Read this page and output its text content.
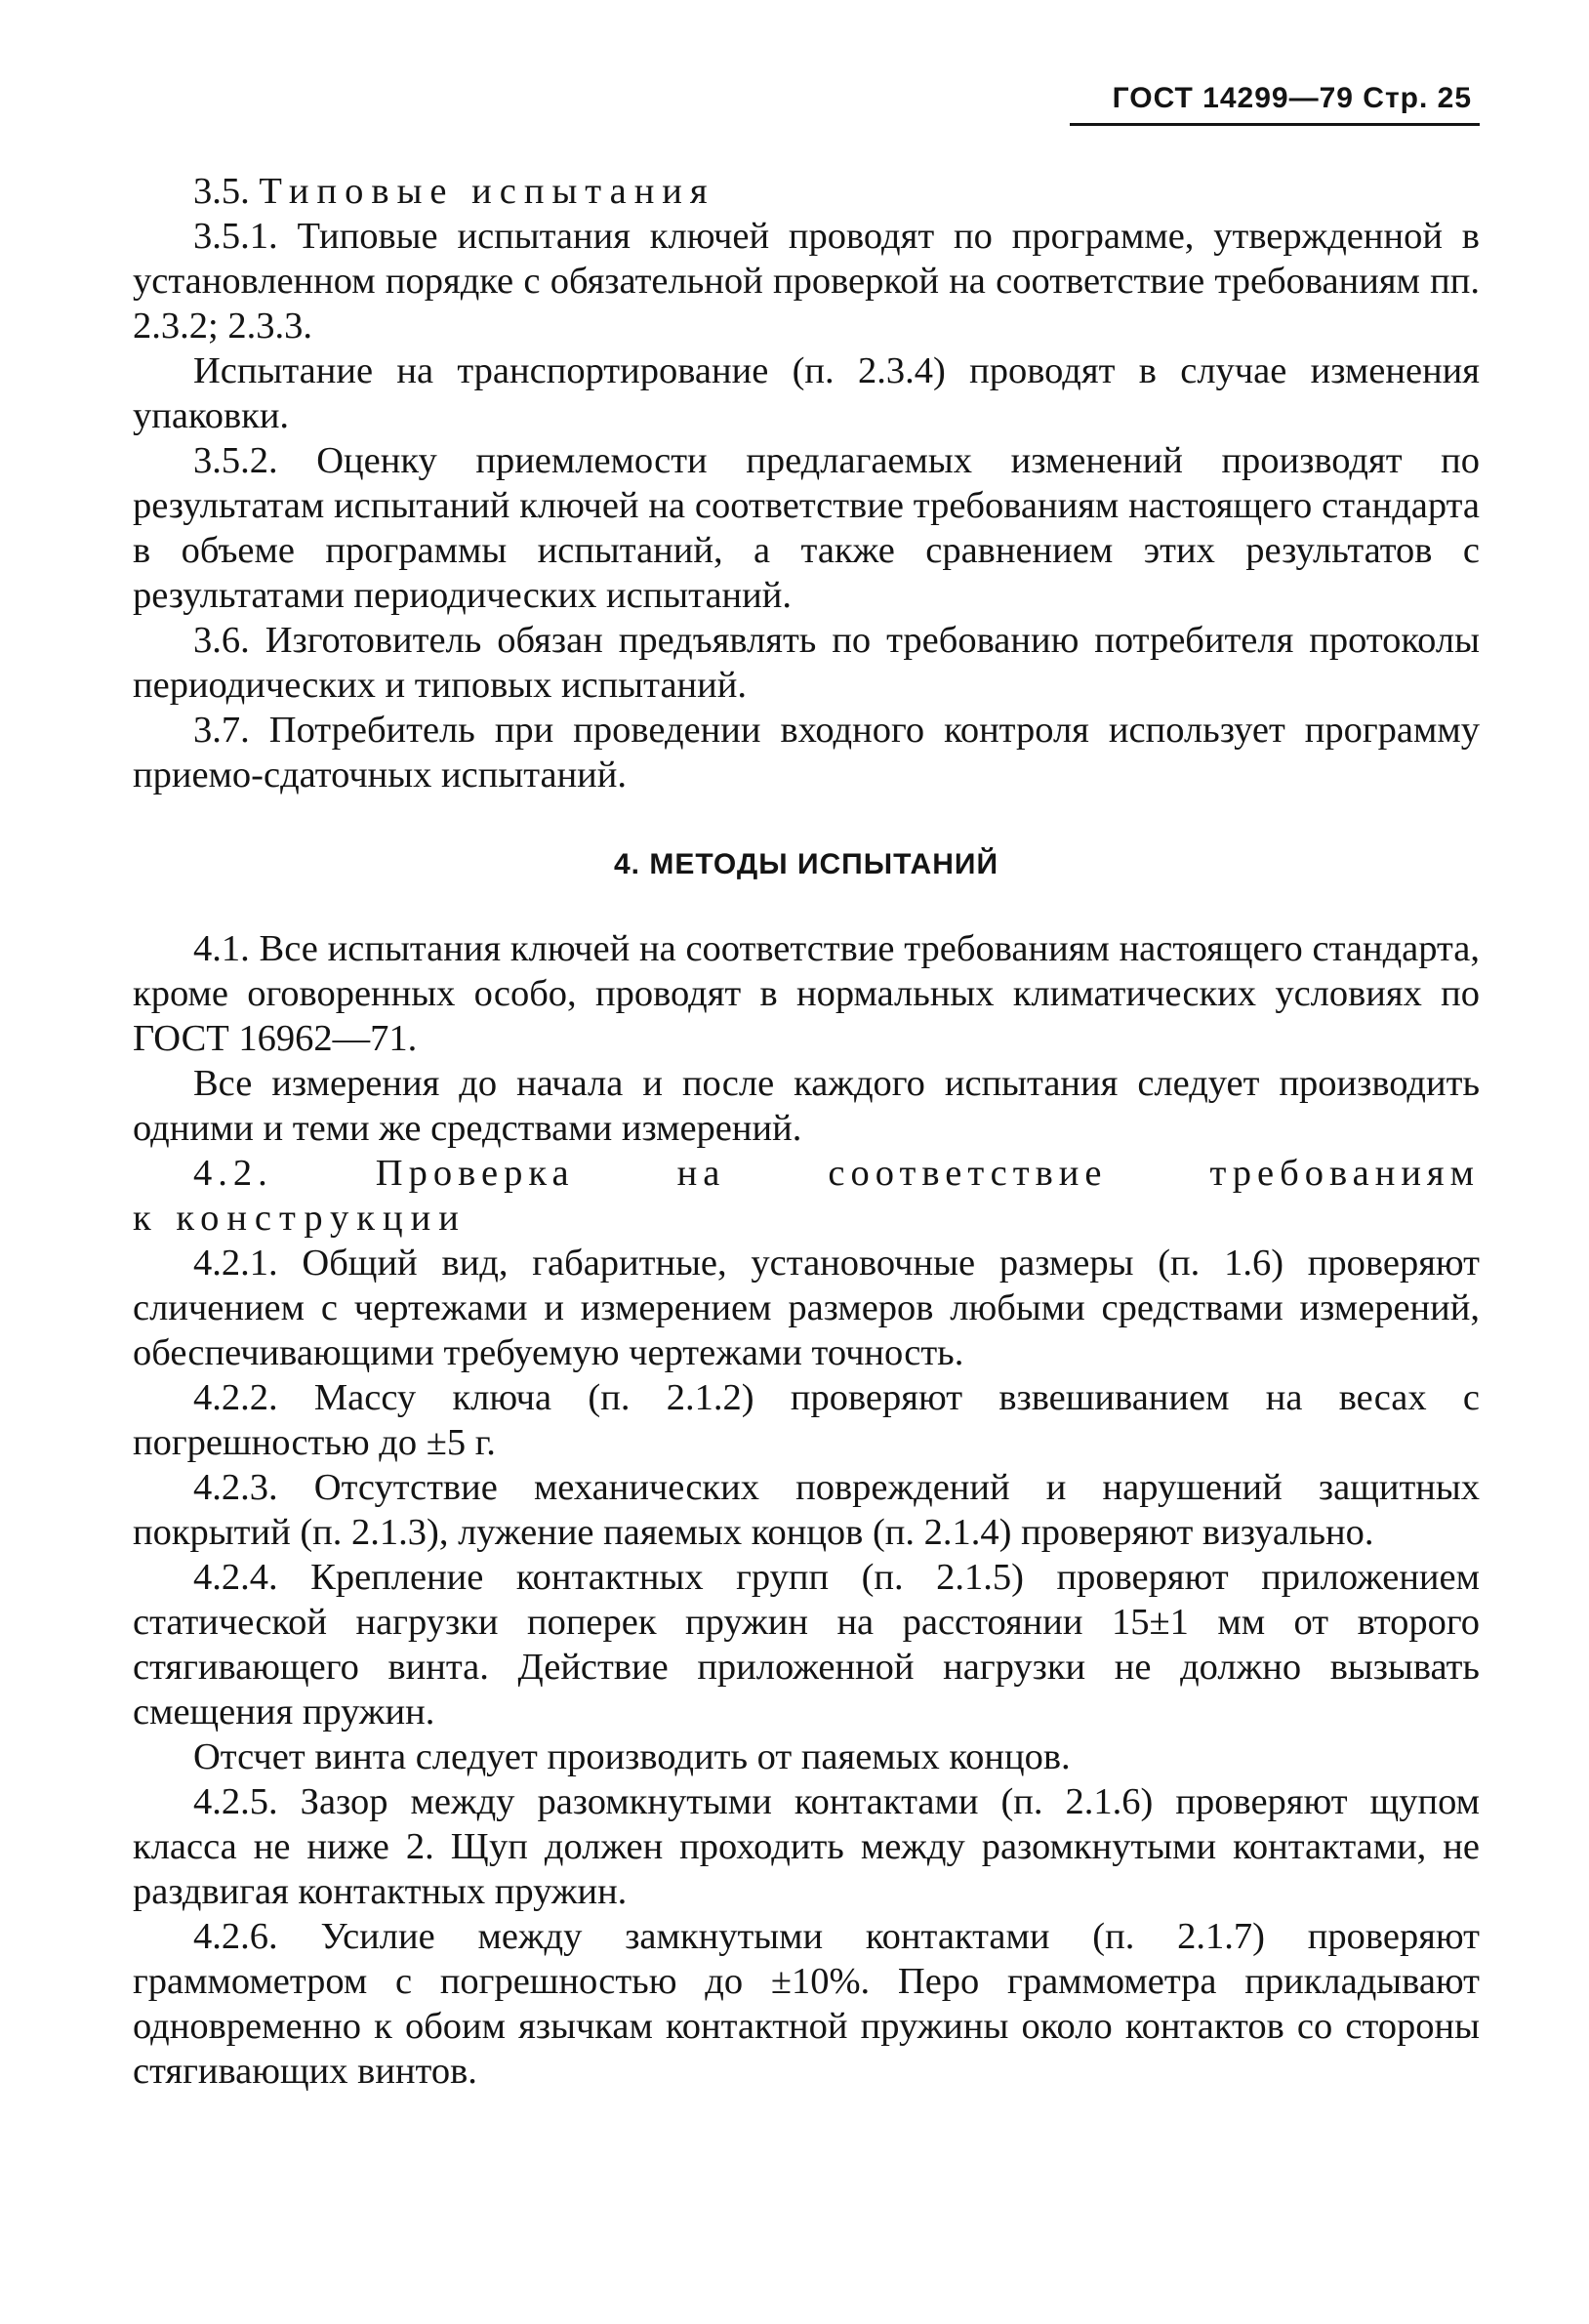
ГОСТ 14299—79 Стр. 25

3.5. Типовые испытания

3.5.1. Типовые испытания ключей проводят по программе, утвержденной в установленном порядке с обязательной проверкой на соответствие требованиям пп. 2.3.2; 2.3.3.

Испытание на транспортирование (п. 2.3.4) проводят в случае изменения упаковки.

3.5.2. Оценку приемлемости предлагаемых изменений производят по результатам испытаний ключей на соответствие требованиям настоящего стандарта в объеме программы испытаний, а также сравнением этих результатов с результатами периодических испытаний.

3.6. Изготовитель обязан предъявлять по требованию потребителя протоколы периодических и типовых испытаний.

3.7. Потребитель при проведении входного контроля использует программу приемо-сдаточных испытаний.

4. МЕТОДЫ ИСПЫТАНИЙ

4.1. Все испытания ключей на соответствие требованиям настоящего стандарта, кроме оговоренных особо, проводят в нормальных климатических условиях по ГОСТ 16962—71.

Все измерения до начала и после каждого испытания следует производить одними и теми же средствами измерений.

4.2. Проверка на соответствие требованиям

к конструкции

4.2.1. Общий вид, габаритные, установочные размеры (п. 1.6) проверяют сличением с чертежами и измерением размеров любыми средствами измерений, обеспечивающими требуемую чертежами точность.

4.2.2. Массу ключа (п. 2.1.2) проверяют взвешиванием на весах с погрешностью до ±5 г.

4.2.3. Отсутствие механических повреждений и нарушений защитных покрытий (п. 2.1.3), лужение паяемых концов (п. 2.1.4) проверяют визуально.

4.2.4. Крепление контактных групп (п. 2.1.5) проверяют приложением статической нагрузки поперек пружин на расстоянии 15±1 мм от второго стягивающего винта. Действие приложенной нагрузки не должно вызывать смещения пружин.

Отсчет винта следует производить от паяемых концов.

4.2.5. Зазор между разомкнутыми контактами (п. 2.1.6) проверяют щупом класса не ниже 2. Щуп должен проходить между разомкнутыми контактами, не раздвигая контактных пружин.

4.2.6. Усилие между замкнутыми контактами (п. 2.1.7) проверяют граммометром с погрешностью до ±10%. Перо граммометра прикладывают одновременно к обоим язычкам контактной пружины около контактов со стороны стягивающих винтов.
